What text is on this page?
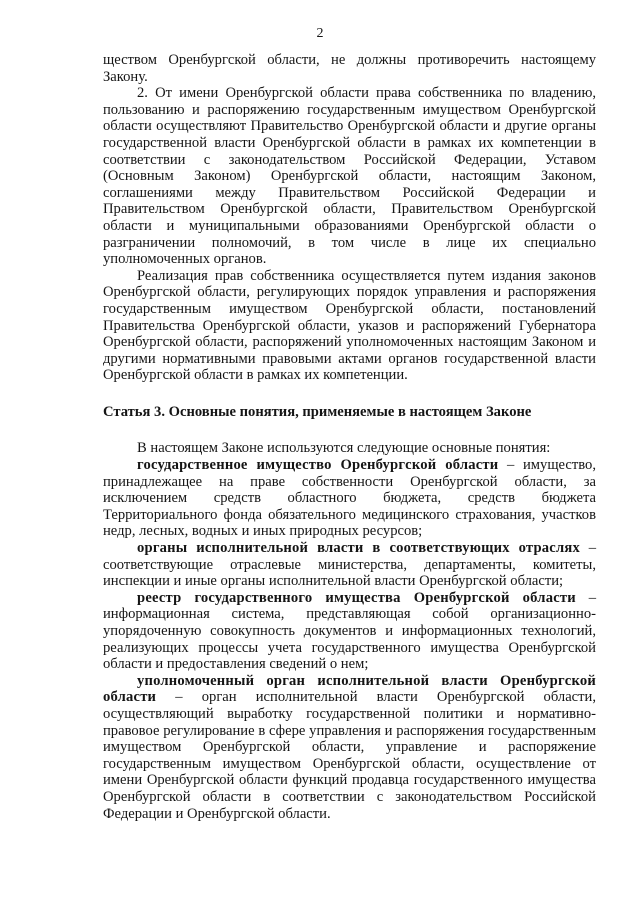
2

ществом Оренбургской области, не должны противоречить настоящему Закону.

2. От имени Оренбургской области права собственника по владению, пользованию и распоряжению государственным имуществом Оренбургской области осуществляют Правительство Оренбургской области и другие органы государственной власти Оренбургской области в рамках их компетенции в соответствии с законодательством Российской Федерации, Уставом (Основным Законом) Оренбургской области, настоящим Законом, соглашениями между Правительством Российской Федерации и Правительством Оренбургской области, Правительством Оренбургской области и муниципальными образованиями Оренбургской области о разграничении полномочий, в том числе в лице их специально уполномоченных органов.

Реализация прав собственника осуществляется путем издания законов Оренбургской области, регулирующих порядок управления и распоряжения государственным имуществом Оренбургской области, постановлений Правительства Оренбургской области, указов и распоряжений Губернатора Оренбургской области, распоряжений уполномоченных настоящим Законом и другими нормативными правовыми актами органов государственной власти Оренбургской области в рамках их компетенции.

Статья 3. Основные понятия, применяемые в настоящем Законе

В настоящем Законе используются следующие основные понятия:

государственное имущество Оренбургской области – имущество, принадлежащее на праве собственности Оренбургской области, за исключением средств областного бюджета, средств бюджета Территориального фонда обязательного медицинского страхования, участков недр, лесных, водных и иных природных ресурсов;

органы исполнительной власти в соответствующих отраслях – соответствующие отраслевые министерства, департаменты, комитеты, инспекции и иные органы исполнительной власти Оренбургской области;

реестр государственного имущества Оренбургской области – информационная система, представляющая собой организационно-упорядоченную совокупность документов и информационных технологий, реализующих процессы учета государственного имущества Оренбургской области и предоставления сведений о нем;

уполномоченный орган исполнительной власти Оренбургской области – орган исполнительной власти Оренбургской области, осуществляющий выработку государственной политики и нормативно-правовое регулирование в сфере управления и распоряжения государственным имуществом Оренбургской области, управление и распоряжение государственным имуществом Оренбургской области, осуществление от имени Оренбургской области функций продавца государственного имущества Оренбургской области в соответствии с законодательством Российской Федерации и Оренбургской области.
